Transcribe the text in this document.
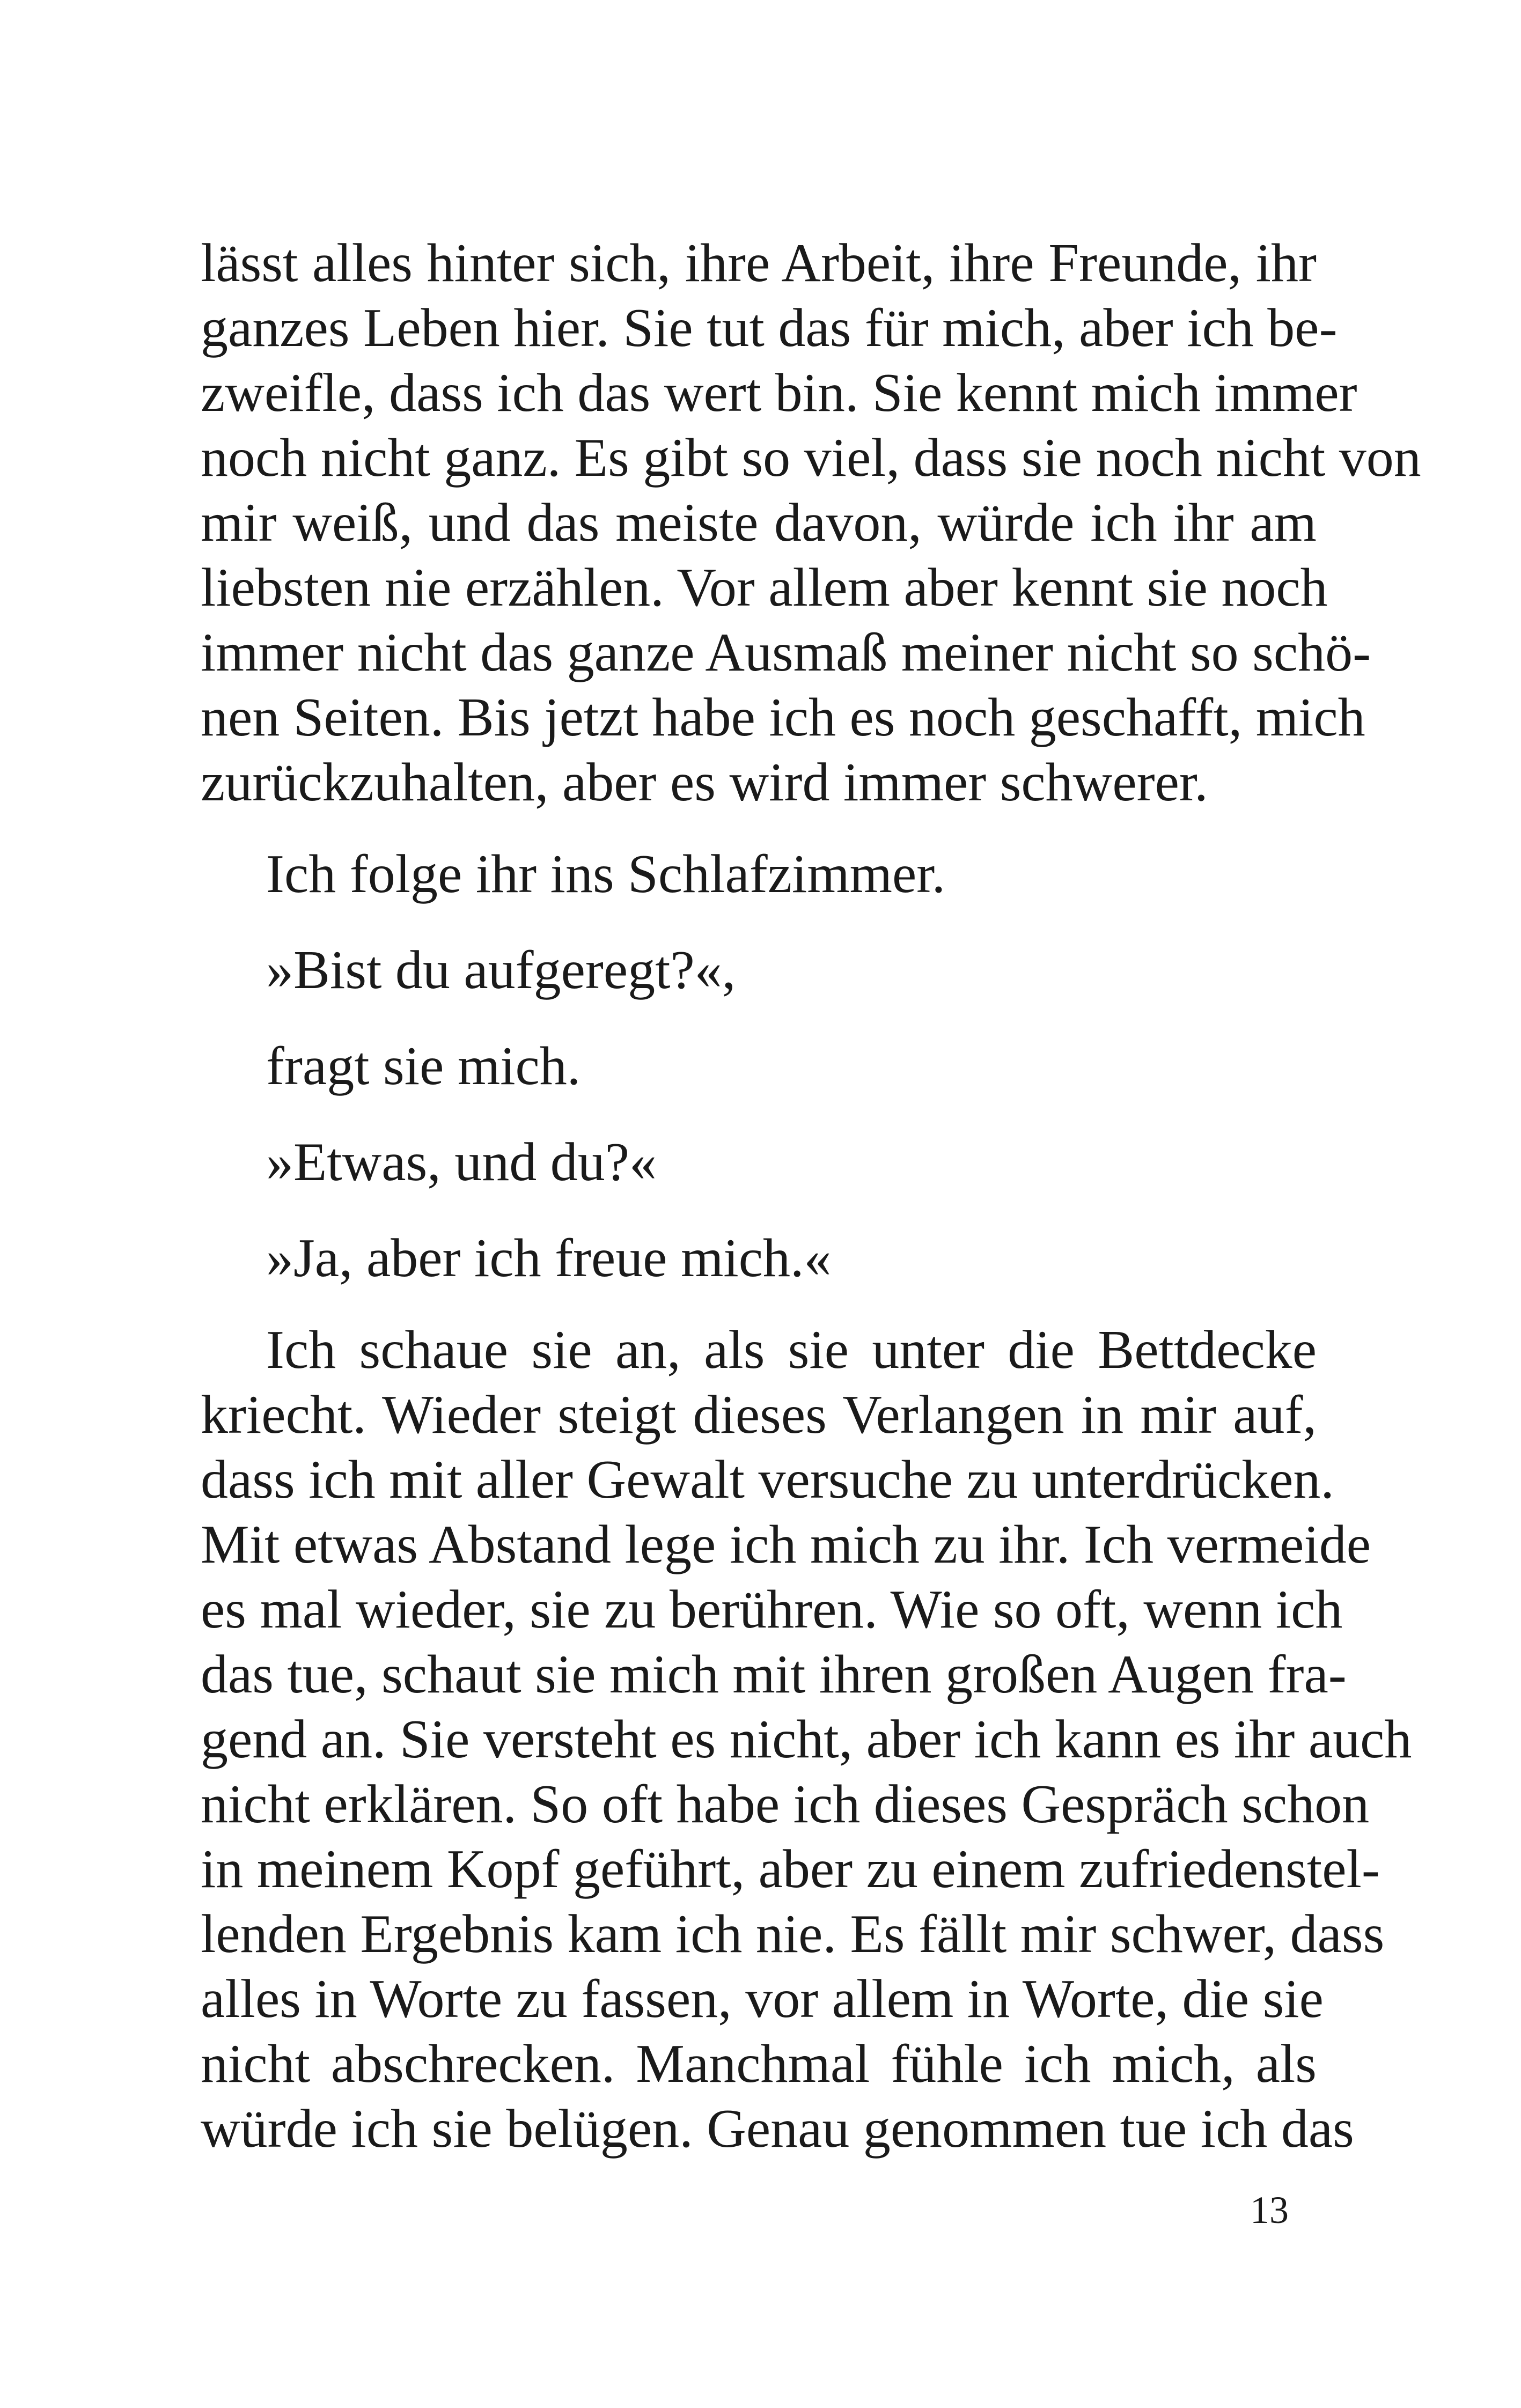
lässt alles hinter sich, ihre Arbeit, ihre Freunde, ihr
ganzes Leben hier. Sie tut das für mich, aber ich be-
zweifle, dass ich das wert bin. Sie kennt mich immer
noch nicht ganz. Es gibt so viel, dass sie noch nicht von
mir weiß, und das meiste davon, würde ich ihr am
liebsten nie erzählen. Vor allem aber kennt sie noch
immer nicht das ganze Ausmaß meiner nicht so schö-
nen Seiten. Bis jetzt habe ich es noch geschafft, mich
zurückzuhalten, aber es wird immer schwerer.

Ich folge ihr ins Schlafzimmer.

»Bist du aufgeregt?«,

fragt sie mich.

»Etwas, und du?«

»Ja, aber ich freue mich.«

Ich schaue sie an, als sie unter die Bettdecke
kriecht. Wieder steigt dieses Verlangen in mir auf,
dass ich mit aller Gewalt versuche zu unterdrücken.
Mit etwas Abstand lege ich mich zu ihr. Ich vermeide
es mal wieder, sie zu berühren. Wie so oft, wenn ich
das tue, schaut sie mich mit ihren großen Augen fra-
gend an. Sie versteht es nicht, aber ich kann es ihr auch
nicht erklären. So oft habe ich dieses Gespräch schon
in meinem Kopf geführt, aber zu einem zufriedenstel-
lenden Ergebnis kam ich nie. Es fällt mir schwer, dass
alles in Worte zu fassen, vor allem in Worte, die sie
nicht abschrecken. Manchmal fühle ich mich, als
würde ich sie belügen. Genau genommen tue ich das
13
